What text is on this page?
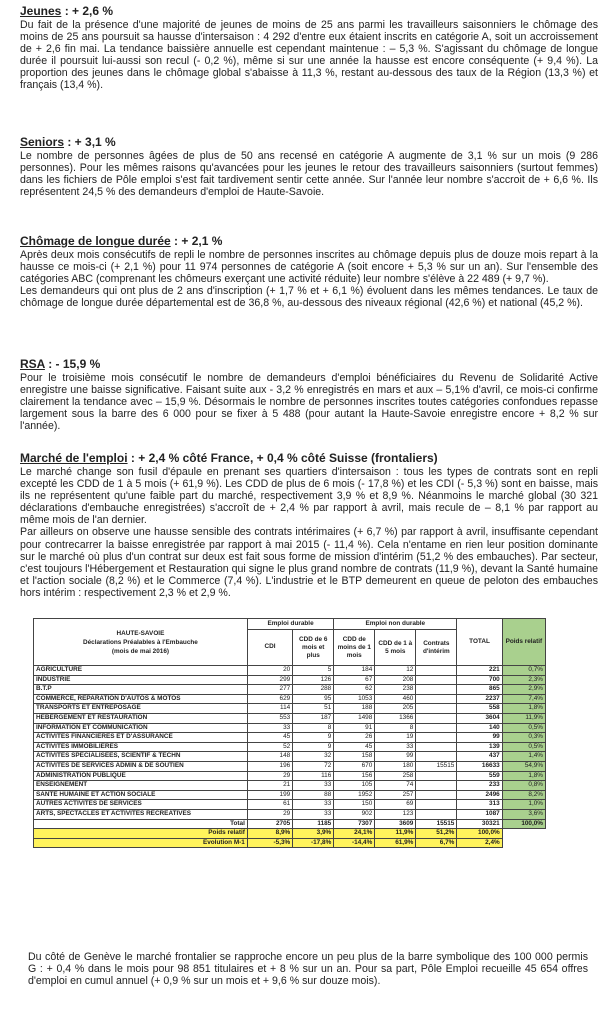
Jeunes : + 2,6 %

Du fait de la présence d'une majorité de jeunes de moins de 25 ans parmi les travailleurs saisonniers le chômage des moins de 25 ans poursuit sa hausse d'intersaison : 4 292 d'entre eux étaient inscrits en catégorie A, soit un accroissement de + 2,6 fin mai. La tendance baissière annuelle est cependant maintenue : – 5,3 %. S'agissant du chômage de longue durée il poursuit lui-aussi son recul (- 0,2 %), même si sur une année la hausse est encore conséquente (+ 9,4 %). La proportion des jeunes dans le chômage global s'abaisse à 11,3 %, restant au-dessous des taux de la Région (13,3 %) et français (13,4 %).

Seniors : + 3,1 %

Le nombre de personnes âgées de plus de 50 ans recensé en catégorie A augmente de 3,1 % sur un mois (9 286 personnes). Pour les mêmes raisons qu'avancées pour les jeunes le retour des travailleurs saisonniers (surtout femmes) dans les fichiers de Pôle emploi s'est fait tardivement sentir cette année. Sur l'année leur nombre s'accroit de + 6,6 %. Ils représentent 24,5 % des demandeurs d'emploi de Haute-Savoie.

Chômage de longue durée : + 2,1 %

Après deux mois consécutifs de repli le nombre de personnes inscrites au chômage depuis plus de douze mois repart à la hausse ce mois-ci (+ 2,1 %) pour 11 974 personnes de catégorie A (soit encore + 5,3 % sur un an). Sur l'ensemble des catégories ABC (comprenant les chômeurs exerçant une activité réduite) leur nombre s'élève à 22 489 (+ 9,7 %).

Les demandeurs qui ont plus de 2 ans d'inscription (+ 1,7 % et + 6,1 %) évoluent dans les mêmes tendances. Le taux de chômage de longue durée départemental est de 36,8 %, au-dessous des niveaux régional (42,6 %) et national (45,2 %).

RSA : - 15,9 %

Pour le troisième mois consécutif le nombre de demandeurs d'emploi bénéficiaires du Revenu de Solidarité Active enregistre une baisse significative. Faisant suite aux - 3,2 % enregistrés en mars et aux – 5,1% d'avril, ce mois-ci confirme clairement la tendance avec – 15,9 %. Désormais le nombre de personnes inscrites toutes catégories confondues repasse largement sous la barre des 6 000 pour se fixer à 5 488 (pour autant la Haute-Savoie enregistre encore + 8,2 % sur l'année).

Marché de l'emploi : + 2,4 % côté France, + 0,4 % côté Suisse (frontaliers)

Le marché change son fusil d'épaule en prenant ses quartiers d'intersaison : tous les types de contrats sont en repli excepté les CDD de 1 à 5 mois (+ 61,9 %). Les CDD de plus de 6 mois (- 17,8 %) et les CDI (- 5,3 %) sont en baisse, mais ils ne représentent qu'une faible part du marché, respectivement 3,9 % et 8,9 %. Néanmoins le marché global (30 321 déclarations d'embauche enregistrées) s'accroît de + 2,4 % par rapport à avril, mais recule de – 8,1 % par rapport au même mois de l'an dernier.

Par ailleurs on observe une hausse sensible des contrats intérimaires (+ 6,7 %) par rapport à avril, insuffisante cependant pour contrecarrer la baisse enregistrée par rapport à mai 2015 (- 11,4 %). Cela n'entame en rien leur position dominante sur le marché où plus d'un contrat sur deux est fait sous forme de mission d'intérim (51,2 % des embauches). Par secteur, c'est toujours l'Hébergement et Restauration qui signe le plus grand nombre de contrats (11,9 %), devant la Santé humaine et l'action sociale (8,2 %) et le Commerce (7,4 %). L'industrie et le BTP demeurent en queue de peloton des embauches hors intérim : respectivement 2,3 % et 2,9 %.

HAUTE-SAVOIE
Déclarations Préalables à l'Embauche
(mois de mai 2016)	Emploi durable		Emploi non durable			TOTAL	Poids relatif
	CDI	CDD de 6 mois et plus	CDD de moins de 1 mois	CDD de 1 à 5 mois	Contrats d'intérim		
AGRICULTURE	20	5	184	12		221	0,7%
INDUSTRIE	299	126	67	208		700	2,3%
B.T.P	277	288	62	238		865	2,9%
COMMERCE, REPARATION D'AUTOS & MOTOS	629	95	1053	460		2237	7,4%
TRANSPORTS ET ENTREPOSAGE	114	51	188	205		558	1,8%
HEBERGEMENT ET RESTAURATION	553	187	1498	1366		3604	11,9%
INFORMATION ET COMMUNICATION	33	8	91	8		140	0,5%
ACTIVITES FINANCIERES ET D'ASSURANCE	45	9	26	19		99	0,3%
ACTIVITES IMMOBILIERES	52	9	45	33		139	0,5%
ACTIVITES SPECIALISEES, SCIENTIF & TECHN	148	32	158	99		437	1,4%
ACTIVITES DE SERVICES ADMIN & DE SOUTIEN	196	72	670	180	15515	16633	54,9%
ADMINISTRATION PUBLIQUE	29	116	156	258		559	1,8%
ENSEIGNEMENT	21	33	105	74		233	0,8%
SANTE HUMAINE ET ACTION SOCIALE	199	88	1952	257		2496	8,2%
AUTRES ACTIVITES DE SERVICES	61	33	150	69		313	1,0%
ARTS, SPECTACLES ET ACTIVITES RECREATIVES	29	33	902	123		1087	3,6%
Total	2705	1185	7307	3609	15515	30321	100,0%
Poids relatif	8,9%	3,9%	24,1%	11,9%	51,2%	100,0%	
Evolution M-1	-5,3%	-17,8%	-14,4%	61,9%	6,7%	2,4%	

Du côté de Genève le marché frontalier se rapproche encore un peu plus de la barre symbolique des 100 000 permis G : + 0,4 % dans le mois pour 98 851 titulaires et + 8 % sur un an. Pour sa part, Pôle Emploi recueille 45 654 offres d'emploi en cumul annuel (+ 0,9 % sur un mois et + 9,6 % sur douze mois).
